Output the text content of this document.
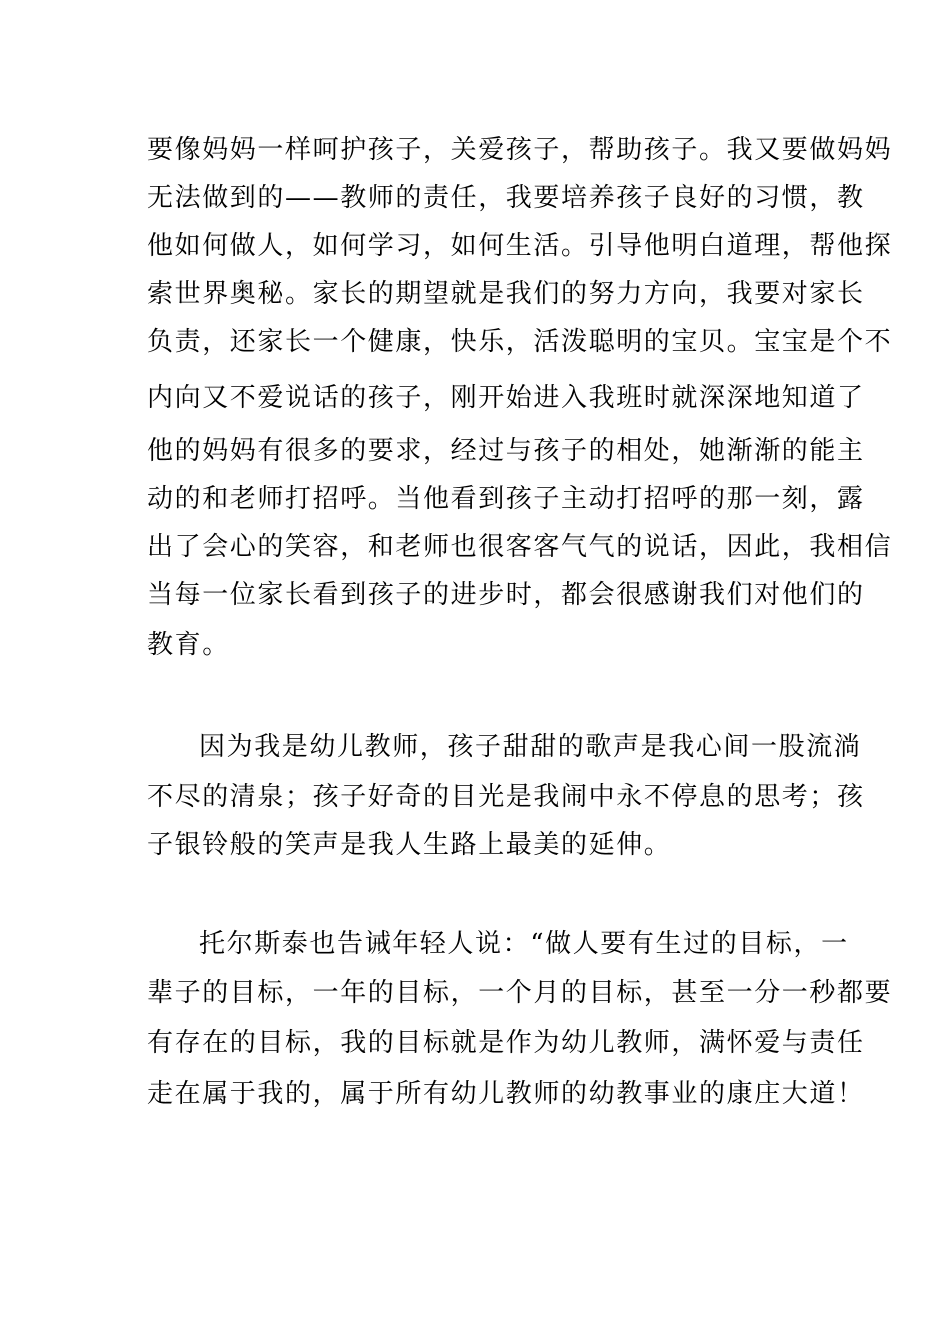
要像妈妈一样呵护孩子，关爱孩子，帮助孩子。我又要做妈妈
无法做到的——教师的责任，我要培养孩子良好的习惯，教
他如何做人，如何学习，如何生活。引导他明白道理，帮他探
索世界奥秘。家长的期望就是我们的努力方向，我要对家长
负责，还家长一个健康，快乐，活泼聪明的宝贝。宝宝是个不
内向又不爱说话的孩子，刚开始进入我班时就深深地知道了
他的妈妈有很多的要求，经过与孩子的相处，她渐渐的能主
动的和老师打招呼。当他看到孩子主动打招呼的那一刻，露
出了会心的笑容，和老师也很客客气气的说话，因此，我相信
当每一位家长看到孩子的进步时，都会很感谢我们对他们的
教育。
因为我是幼儿教师，孩子甜甜的歌声是我心间一股流淌
不尽的清泉；孩子好奇的目光是我闹中永不停息的思考；孩
子银铃般的笑声是我人生路上最美的延伸。
托尔斯泰也告诫年轻人说：“做人要有生过的目标，一
辈子的目标，一年的目标，一个月的目标，甚至一分一秒都要
有存在的目标，我的目标就是作为幼儿教师，满怀爱与责任
走在属于我的，属于所有幼儿教师的幼教事业的康庄大道！
